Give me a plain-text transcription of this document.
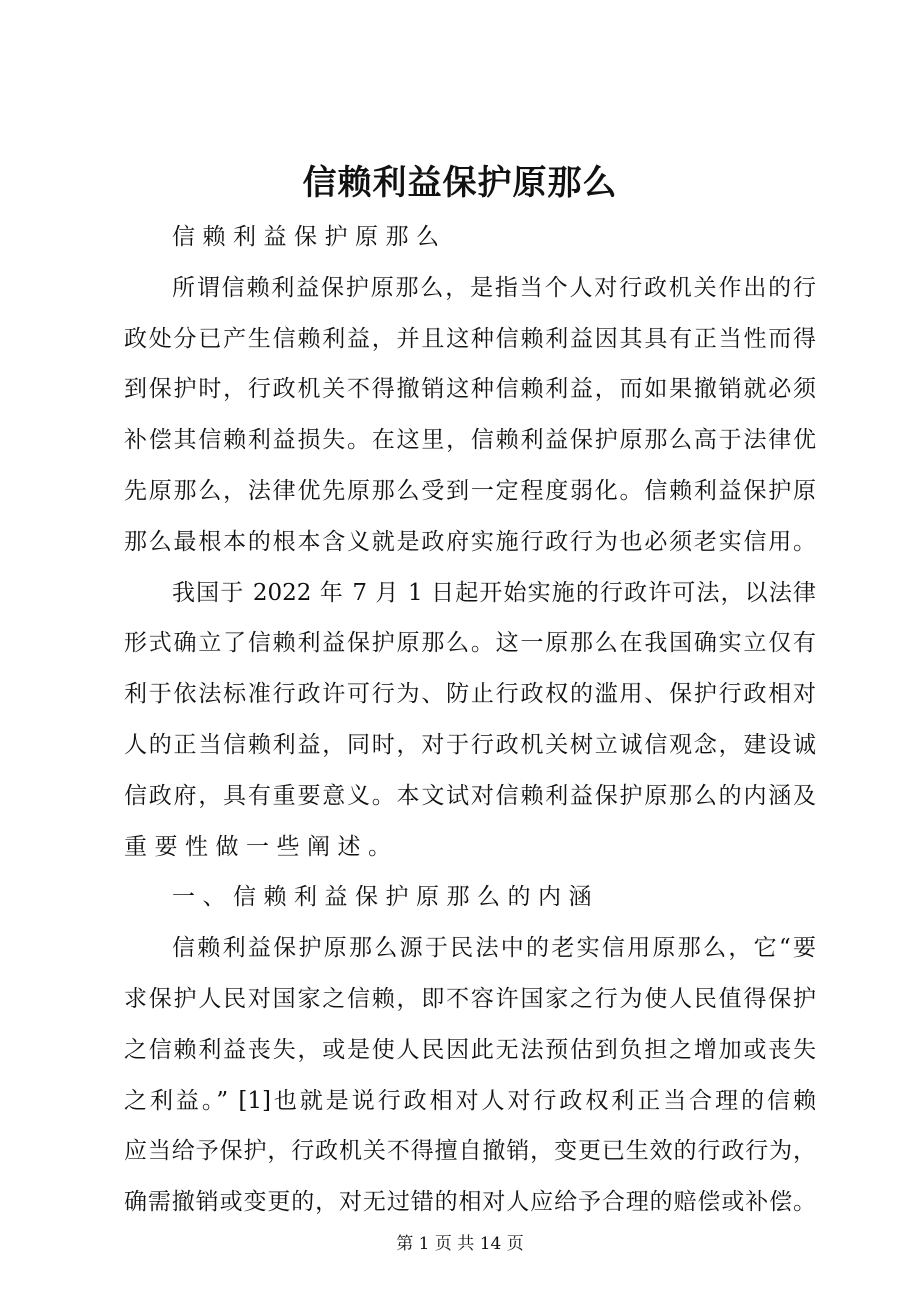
信赖利益保护原那么
信赖利益保护原那么
所谓信赖利益保护原那么，是指当个人对行政机关作出的行
政处分已产生信赖利益，并且这种信赖利益因其具有正当性而得
到保护时，行政机关不得撤销这种信赖利益，而如果撤销就必须
补偿其信赖利益损失。在这里，信赖利益保护原那么高于法律优
先原那么，法律优先原那么受到一定程度弱化。信赖利益保护原
那么最根本的根本含义就是政府实施行政行为也必须老实信用。
我国于 2022 年 7 月 1 日起开始实施的行政许可法，以法律
形式确立了信赖利益保护原那么。这一原那么在我国确实立仅有
利于依法标准行政许可行为、防止行政权的滥用、保护行政相对
人的正当信赖利益，同时，对于行政机关树立诚信观念，建设诚
信政府，具有重要意义。本文试对信赖利益保护原那么的内涵及
重要性做一些阐述。
一、信赖利益保护原那么的内涵
信赖利益保护原那么源于民法中的老实信用原那么，它“要
求保护人民对国家之信赖，即不容许国家之行为使人民值得保护
之信赖利益丧失，或是使人民因此无法预估到负担之增加或丧失
之利益。” [1]也就是说行政相对人对行政权利正当合理的信赖
应当给予保护，行政机关不得擅自撤销，变更已生效的行政行为，
确需撤销或变更的，对无过错的相对人应给予合理的赔偿或补偿。
第 1 页 共 14 页
